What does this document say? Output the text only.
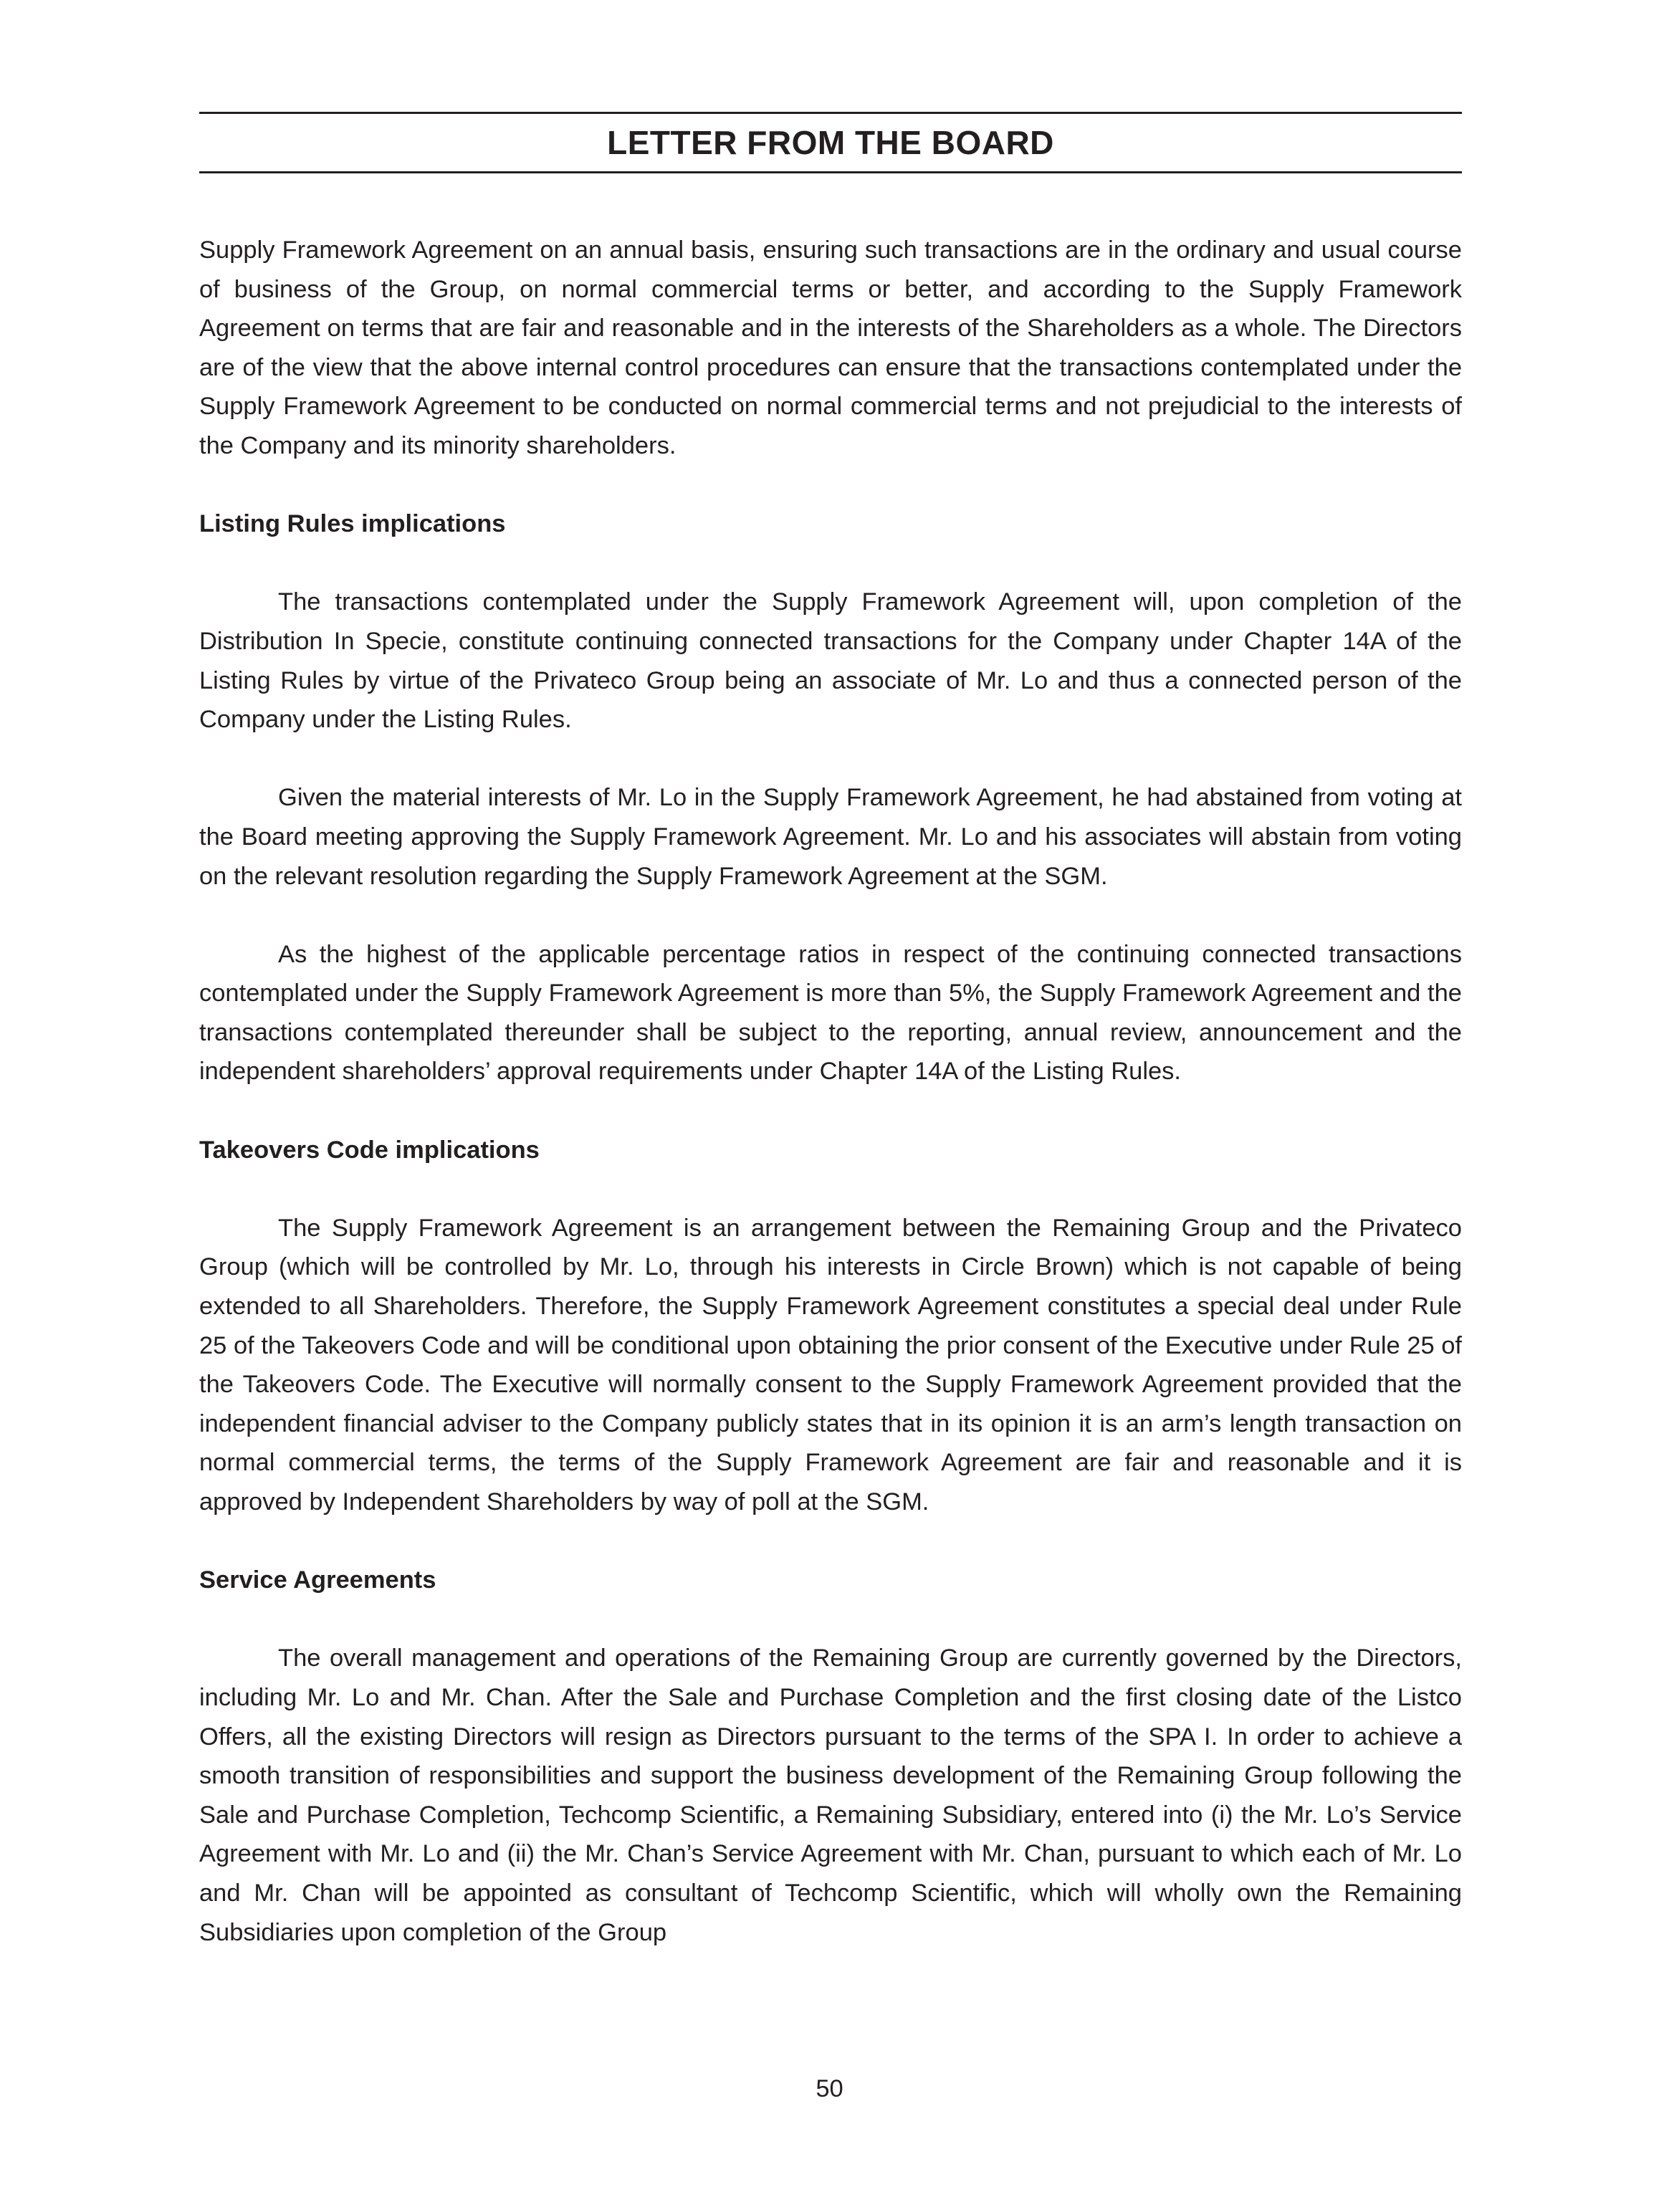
LETTER FROM THE BOARD

Supply Framework Agreement on an annual basis, ensuring such transactions are in the ordinary and usual course of business of the Group, on normal commercial terms or better, and according to the Supply Framework Agreement on terms that are fair and reasonable and in the interests of the Shareholders as a whole. The Directors are of the view that the above internal control procedures can ensure that the transactions contemplated under the Supply Framework Agreement to be conducted on normal commercial terms and not prejudicial to the interests of the Company and its minority shareholders.

Listing Rules implications

The transactions contemplated under the Supply Framework Agreement will, upon completion of the Distribution In Specie, constitute continuing connected transactions for the Company under Chapter 14A of the Listing Rules by virtue of the Privateco Group being an associate of Mr. Lo and thus a connected person of the Company under the Listing Rules.

Given the material interests of Mr. Lo in the Supply Framework Agreement, he had abstained from voting at the Board meeting approving the Supply Framework Agreement. Mr. Lo and his associates will abstain from voting on the relevant resolution regarding the Supply Framework Agreement at the SGM.

As the highest of the applicable percentage ratios in respect of the continuing connected transactions contemplated under the Supply Framework Agreement is more than 5%, the Supply Framework Agreement and the transactions contemplated thereunder shall be subject to the reporting, annual review, announcement and the independent shareholders’ approval requirements under Chapter 14A of the Listing Rules.

Takeovers Code implications

The Supply Framework Agreement is an arrangement between the Remaining Group and the Privateco Group (which will be controlled by Mr. Lo, through his interests in Circle Brown) which is not capable of being extended to all Shareholders. Therefore, the Supply Framework Agreement constitutes a special deal under Rule 25 of the Takeovers Code and will be conditional upon obtaining the prior consent of the Executive under Rule 25 of the Takeovers Code. The Executive will normally consent to the Supply Framework Agreement provided that the independent financial adviser to the Company publicly states that in its opinion it is an arm’s length transaction on normal commercial terms, the terms of the Supply Framework Agreement are fair and reasonable and it is approved by Independent Shareholders by way of poll at the SGM.

Service Agreements

The overall management and operations of the Remaining Group are currently governed by the Directors, including Mr. Lo and Mr. Chan. After the Sale and Purchase Completion and the first closing date of the Listco Offers, all the existing Directors will resign as Directors pursuant to the terms of the SPA I. In order to achieve a smooth transition of responsibilities and support the business development of the Remaining Group following the Sale and Purchase Completion, Techcomp Scientific, a Remaining Subsidiary, entered into (i) the Mr. Lo’s Service Agreement with Mr. Lo and (ii) the Mr. Chan’s Service Agreement with Mr. Chan, pursuant to which each of Mr. Lo and Mr. Chan will be appointed as consultant of Techcomp Scientific, which will wholly own the Remaining Subsidiaries upon completion of the Group

50
